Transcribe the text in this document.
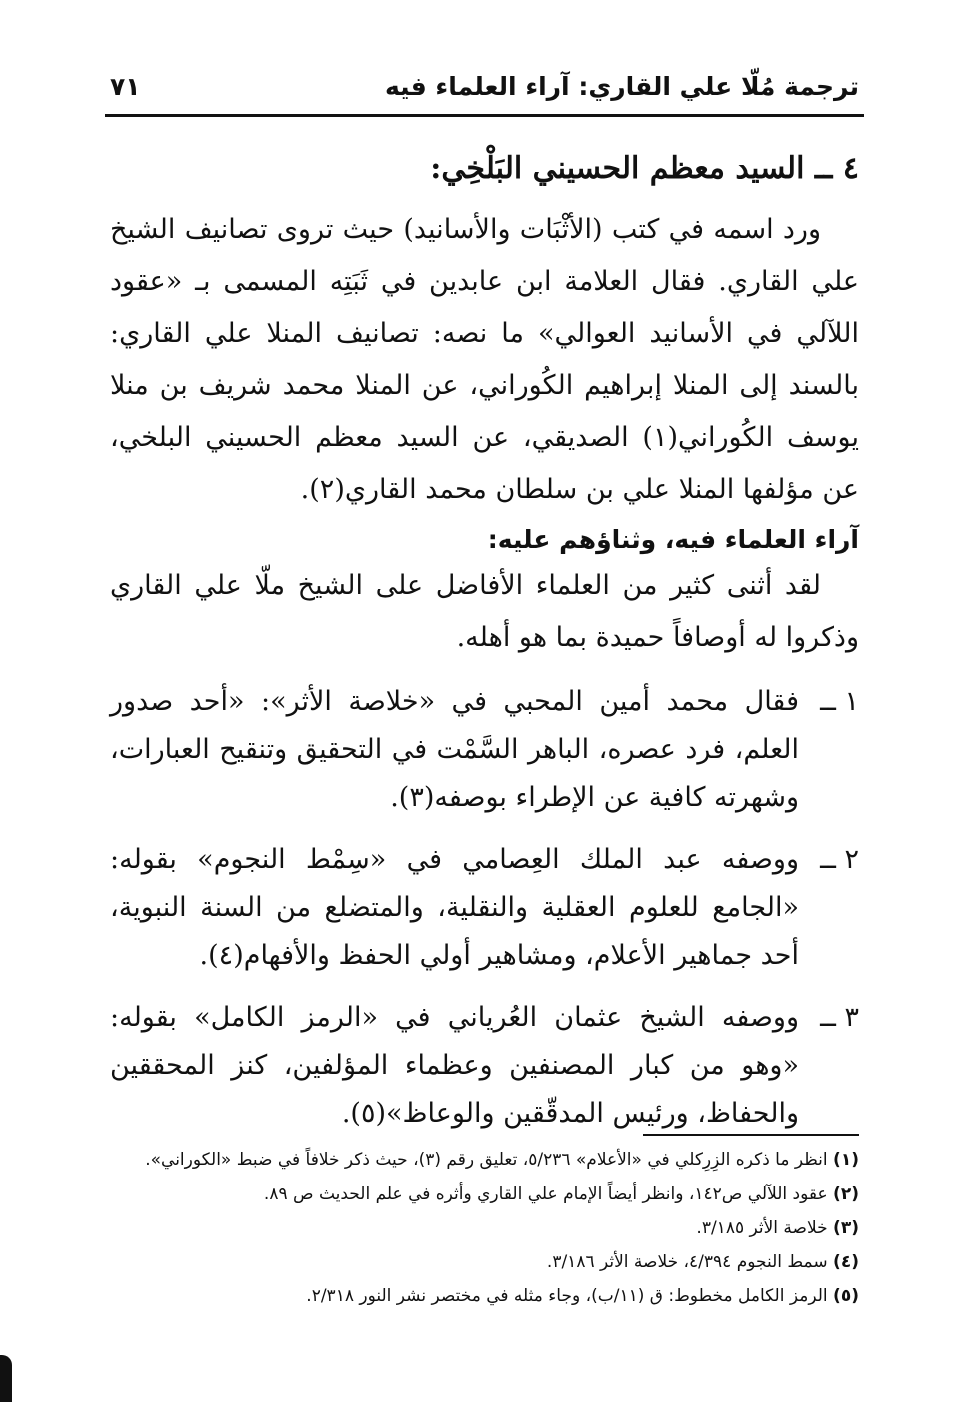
ترجمة مُلّا علي القاري: آراء العلماء فيه
٧١
٤ ــ السيد معظم الحسيني البَلْخِي:

ورد اسمه في كتب (الأثْبَات والأسانيد) حيث تروى تصانيف الشيخ علي القاري. فقال العلامة ابن عابدين في ثَبَتِه المسمى بـ «عقود اللآلي في الأسانيد العوالي» ما نصه: تصانيف المنلا علي القاري: بالسند إلى المنلا إبراهيم الكُوراني، عن المنلا محمد شريف بن منلا يوسف الكُوراني(١) الصديقي، عن السيد معظم الحسيني البلخي، عن مؤلفها المنلا علي بن سلطان محمد القاري(٢).

آراء العلماء فيه، وثناؤهم عليه:

لقد أثنى كثير من العلماء الأفاضل على الشيخ ملّا علي القاري وذكروا له أوصافاً حميدة بما هو أهله.

١ ــ
فقال محمد أمين المحبي في «خلاصة الأثر»: «أحد صدور العلم، فرد عصره، الباهر السَّمْت في التحقيق وتنقيح العبارات، وشهرته كافية عن الإطراء بوصفه(٣).
٢ ــ
ووصفه عبد الملك العِصامي في «سِمْط النجوم» بقوله: «الجامع للعلوم العقلية والنقلية، والمتضلع من السنة النبوية، أحد جماهير الأعلام، ومشاهير أولي الحفظ والأفهام(٤).
٣ ــ
ووصفه الشيخ عثمان العُرياني في «الرمز الكامل» بقوله: «وهو من كبار المصنفين وعظماء المؤلفين، كنز المحققين والحفاظ، ورئيس المدقّقين والوعاظ»(٥).
(١) انظر ما ذكره الزِرِكلي في «الأعلام» ٥/٢٣٦، تعليق رقم (٣)، حيث ذكر خلافاً في ضبط «الكوراني».
(٢) عقود اللآلي ص١٤٢، وانظر أيضاً الإمام علي القاري وأثره في علم الحديث ص ٨٩.
(٣) خلاصة الأثر ٣/١٨٥.
(٤) سمط النجوم ٤/٣٩٤، خلاصة الأثر ٣/١٨٦.
(٥) الرمز الكامل مخطوط: ق (١١/ب)، وجاء مثله في مختصر نشر النور ٢/٣١٨.
